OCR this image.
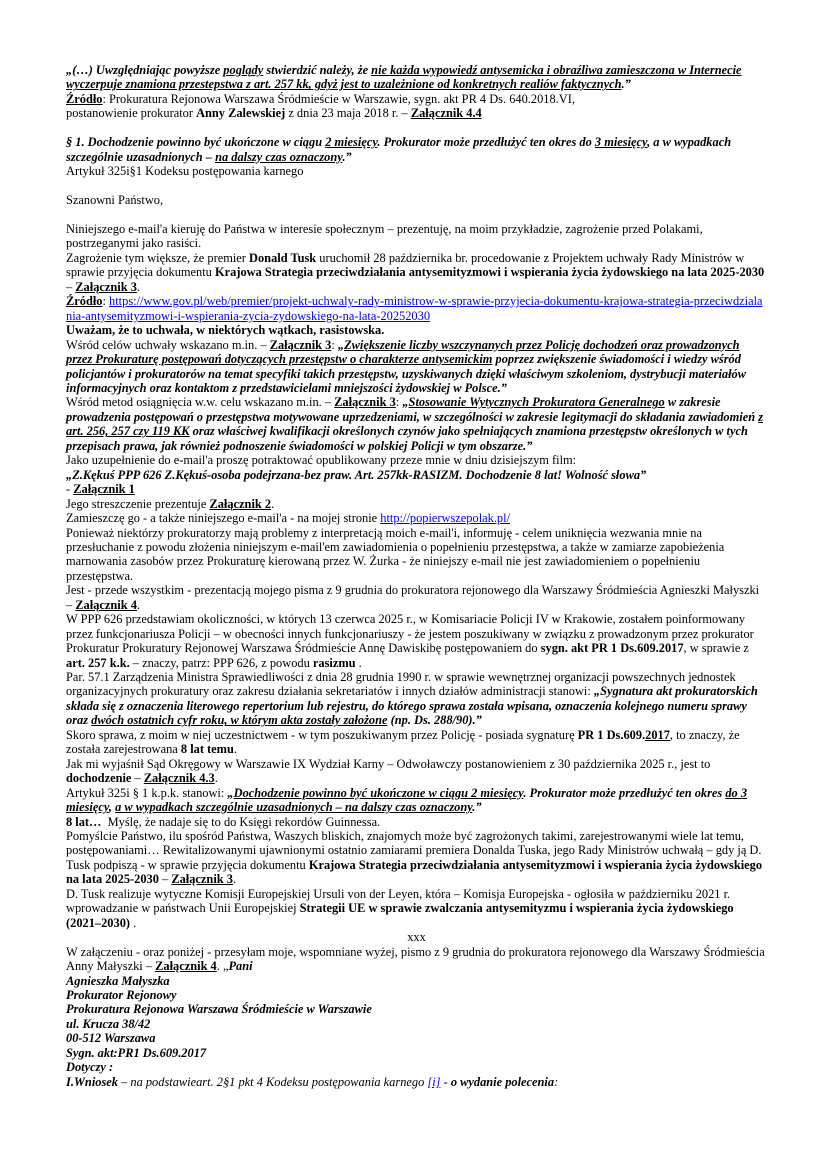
„(…) Uwzględniając powyższe poglądy stwierdzić należy, że nie każda wypowiedź antysemicka i obraźliwa zamieszczona w Internecie wyczerpuje znamiona przestepstwa z art. 257 kk, gdyż jest to uzależnione od konkretnych realiów faktycznych.”

Źródło: Prokuratura Rejonowa Warszawa Śródmieście w Warszawie, sygn. akt PR 4 Ds. 640.2018.VI,

postanowienie prokurator Anny Zalewskiej z dnia 23 maja 2018 r. – Załącznik 4.4

§ 1. Dochodzenie powinno być ukończone w ciągu 2 miesięcy. Prokurator może przedłużyć ten okres do 3 miesięcy, a w wypadkach szczególnie uzasadnionych – na dalszy czas oznaczony.”

Artykuł 325i§1 Kodeksu postępowania karnego

Szanowni Państwo,

Niniejszego e-mail'a kieruję do Państwa w interesie społecznym – prezentuję, na moim przykładzie, zagrożenie przed Polakami, postrzeganymi jako rasiści.

Zagrożenie tym większe, że premier Donald Tusk uruchomił 28 października br. procedowanie z Projektem uchwały Rady Ministrów w sprawie przyjęcia dokumentu Krajowa Strategia przeciwdziałania antysemityzmowi i wspierania życia żydowskiego na lata 2025-2030 – Załącznik 3.

Źródło: https://www.gov.pl/web/premier/projekt-uchwaly-rady-ministrow-w-sprawie-przyjecia-dokumentu-krajowa-strategia-przeciwdzialania-antysemityzmowi-i-wspierania-zycia-zydowskiego-na-lata-20252030

Uważam, że to uchwała, w niektórych wątkach, rasistowska.

Wśród celów uchwały wskazano m.in. – Załącznik 3: „Zwiększenie liczby wszczynanych przez Policję dochodzeń oraz prowadzonych przez Prokuraturę postępowań dotyczących przestępstw o charakterze antysemickim poprzez zwiększenie świadomości i wiedzy wśród policjantów i prokuratorów na temat specyfiki takich przestępstw, uzyskiwanych dzięki właściwym szkoleniom, dystrybucji materiałów informacyjnych oraz kontaktom z przedstawicielami mniejszości żydowskiej w Polsce.”

Wśród metod osiągnięcia w.w. celu wskazano m.in. – Załącznik 3: „Stosowanie Wytycznych Prokuratora Generalnego w zakresie prowadzenia postępowań o przestępstwa motywowane uprzedzeniami, w szczególności w zakresie legitymacji do składania zawiadomień z art. 256, 257 czy 119 KK oraz właściwej kwalifikacji określonych czynów jako spełniających znamiona przestępstw określonych w tych przepisach prawa, jak również podnoszenie świadomości w polskiej Policji w tym obszarze.”

Jako uzupełnienie do e-mail'a proszę potraktować opublikowany przeze mnie w dniu dzisiejszym film:

„Z.Kękuś PPP 626 Z.Kękuś-osoba podejrzana-bez praw. Art. 257kk-RASIZM. Dochodzenie 8 lat! Wolność słowa”

- Załącznik 1

Jego streszczenie prezentuje Załącznik 2.

Zamieszczę go - a także niniejszego e-mail'a - na mojej stronie http://popierwszepolak.pl/

Ponieważ niektórzy prokuratorzy mają problemy z interpretacją moich e-mail'i, informuję - celem uniknięcia wezwania mnie na przesłuchanie z powodu złożenia niniejszym e-mail'em zawiadomienia o popełnieniu przestępstwa, a także w zamiarze zapobieżenia marnowania zasobów przez Prokuraturę kierowaną przez W. Żurka - że niniejszy e-mail nie jest zawiadomieniem o popełnieniu przestępstwa.

Jest - przede wszystkim - prezentacją mojego pisma z 9 grudnia do prokuratora rejonowego dla Warszawy Śródmieścia Agnieszki Małyszki – Załącznik 4.

W PPP 626 przedstawiam okoliczności, w których 13 czerwca 2025 r., w Komisariacie Policji IV w Krakowie, zostałem poinformowany przez funkcjonariusza Policji – w obecności innych funkcjonariuszy - że jestem poszukiwany w związku z prowadzonym przez prokurator Prokuratur Prokuratury Rejonowej Warszawa Śródmieście Annę Dawiskibę postępowaniem do sygn. akt PR 1 Ds.609.2017, w sprawie z art. 257 k.k. – znaczy, patrz: PPP 626, z powodu rasizmu .

Par. 57.1 Zarządzenia Ministra Sprawiedliwości z dnia 28 grudnia 1990 r. w sprawie wewnętrznej organizacji powszechnych jednostek organizacyjnych prokuratury oraz zakresu działania sekretariatów i innych działów administracji stanowi: „Sygnatura akt prokuratorskich składa się z oznaczenia literowego repertorium lub rejestru, do którego sprawa została wpisana, oznaczenia kolejnego numeru sprawy oraz dwóch ostatnich cyfr roku, w którym akta zostały założone (np. Ds. 288/90).”

Skoro sprawa, z moim w niej uczestnictwem - w tym poszukiwanym przez Policję - posiada sygnaturę PR 1 Ds.609.2017, to znaczy, że została zarejestrowana 8 lat temu.

Jak mi wyjaśnił Sąd Okręgowy w Warszawie IX Wydział Karny – Odwoławczy postanowieniem z 30 października 2025 r., jest to dochodzenie – Załącznik 4.3.

Artykuł 325i § 1 k.p.k. stanowi: „Dochodzenie powinno być ukończone w ciągu 2 miesięcy. Prokurator może przedłużyć ten okres do 3 miesięcy, a w wypadkach szczególnie uzasadnionych – na dalszy czas oznaczony.”

8 lat…  Myślę, że nadaje się to do Księgi rekordów Guinnessa.

Pomyślcie Państwo, ilu spośród Państwa, Waszych bliskich, znajomych może być zagrożonych takimi, zarejestrowanymi wiele lat temu, postępowaniami… Rewitalizowanymi ujawnionymi ostatnio zamiarami premiera Donalda Tuska, jego Rady Ministrów uchwałą – gdy ją D. Tusk podpiszą - w sprawie przyjęcia dokumentu Krajowa Strategia przeciwdziałania antysemityzmowi i wspierania życia żydowskiego na lata 2025-2030 – Załącznik 3.

D. Tusk realizuje wytyczne Komisji Europejskiej Ursuli von der Leyen, która – Komisja Europejska - ogłosiła w październiku 2021 r. wprowadzanie w państwach Unii Europejskiej Strategii UE w sprawie zwalczania antysemityzmu i wspierania życia żydowskiego (2021–2030) .

xxx

W załączeniu - oraz poniżej - przesyłam moje, wspomniane wyżej, pismo z 9 grudnia do prokuratora rejonowego dla Warszawy Śródmieścia Anny Małyszki – Załącznik 4. „Pani

Agnieszka Małyszka

Prokurator Rejonowy

Prokuratura Rejonowa Warszawa Śródmieście w Warszawie

ul. Krucza 38/42

00-512 Warszawa

Sygn. akt:PR1 Ds.609.2017

Dotyczy :

I.Wniosek – na podstawieart. 2§1 pkt 4 Kodeksu postępowania karnego [i] - o wydanie polecenia:
